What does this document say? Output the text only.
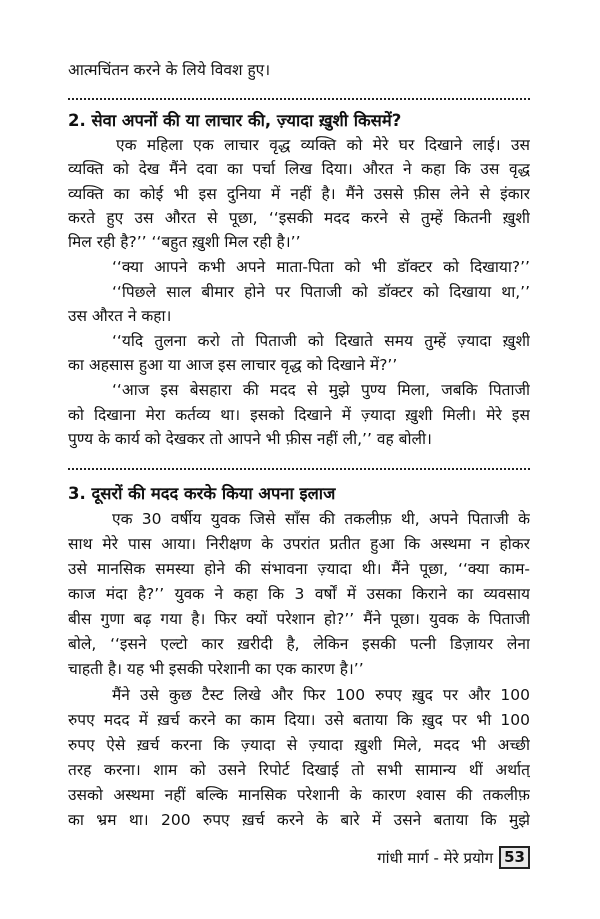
आत्मचिंतन करने के लिये विवश हुए।
2. सेवा अपनों की या लाचार की, ज़्यादा ख़ुशी किसमें?
एक महिला एक लाचार वृद्ध व्यक्ति को मेरे घर दिखाने लाई। उस
व्यक्ति को देख मैंने दवा का पर्चा लिख दिया। औरत ने कहा कि उस वृद्ध
व्यक्ति का कोई भी इस दुनिया में नहीं है। मैंने उससे फ़ीस लेने से इंकार
करते हुए उस औरत से पूछा, ‘‘इसकी मदद करने से तुम्हें कितनी ख़ुशी
मिल रही है?’’ ‘‘बहुत ख़ुशी मिल रही है।’’
‘‘क्या आपने कभी अपने माता-पिता को भी डॉक्टर को दिखाया?’’
‘‘पिछले साल बीमार होने पर पिताजी को डॉक्टर को दिखाया था,’’
उस औरत ने कहा।
‘‘यदि तुलना करो तो पिताजी को दिखाते समय तुम्हें ज़्यादा ख़ुशी
का अहसास हुआ या आज इस लाचार वृद्ध को दिखाने में?’’
‘‘आज इस बेसहारा की मदद से मुझे पुण्य मिला, जबकि पिताजी
को दिखाना मेरा कर्तव्य था। इसको दिखाने में ज़्यादा ख़ुशी मिली। मेरे इस
पुण्य के कार्य को देखकर तो आपने भी फ़ीस नहीं ली,’’ वह बोली।
3. दूसरों की मदद करके किया अपना इलाज
एक 30 वर्षीय युवक जिसे साँस की तकलीफ़ थी, अपने पिताजी के
साथ मेरे पास आया। निरीक्षण के उपरांत प्रतीत हुआ कि अस्थमा न होकर
उसे मानसिक समस्या होने की संभावना ज़्यादा थी। मैंने पूछा, ‘‘क्या काम-
काज मंदा है?’’ युवक ने कहा कि 3 वर्षों में उसका किराने का व्यवसाय
बीस गुणा बढ़ गया है। फिर क्यों परेशान हो?’’ मैंने पूछा। युवक के पिताजी
बोले, ‘‘इसने एल्टो कार ख़रीदी है, लेकिन इसकी पत्नी डिज़ायर लेना
चाहती है। यह भी इसकी परेशानी का एक कारण है।’’
मैंने उसे कुछ टैस्ट लिखे और फिर 100 रुपए ख़ुद पर और 100
रुपए मदद में ख़र्च करने का काम दिया। उसे बताया कि ख़ुद पर भी 100
रुपए ऐसे ख़र्च करना कि ज़्यादा से ज़्यादा ख़ुशी मिले, मदद भी अच्छी
तरह करना। शाम को उसने रिपोर्ट दिखाई तो सभी सामान्य थीं अर्थात्
उसको अस्थमा नहीं बल्कि मानसिक परेशानी के कारण श्वास की तकलीफ़
का भ्रम था। 200 रुपए ख़र्च करने के बारे में उसने बताया कि मुझे
गांधी मार्ग - मेरे प्रयोग 53
